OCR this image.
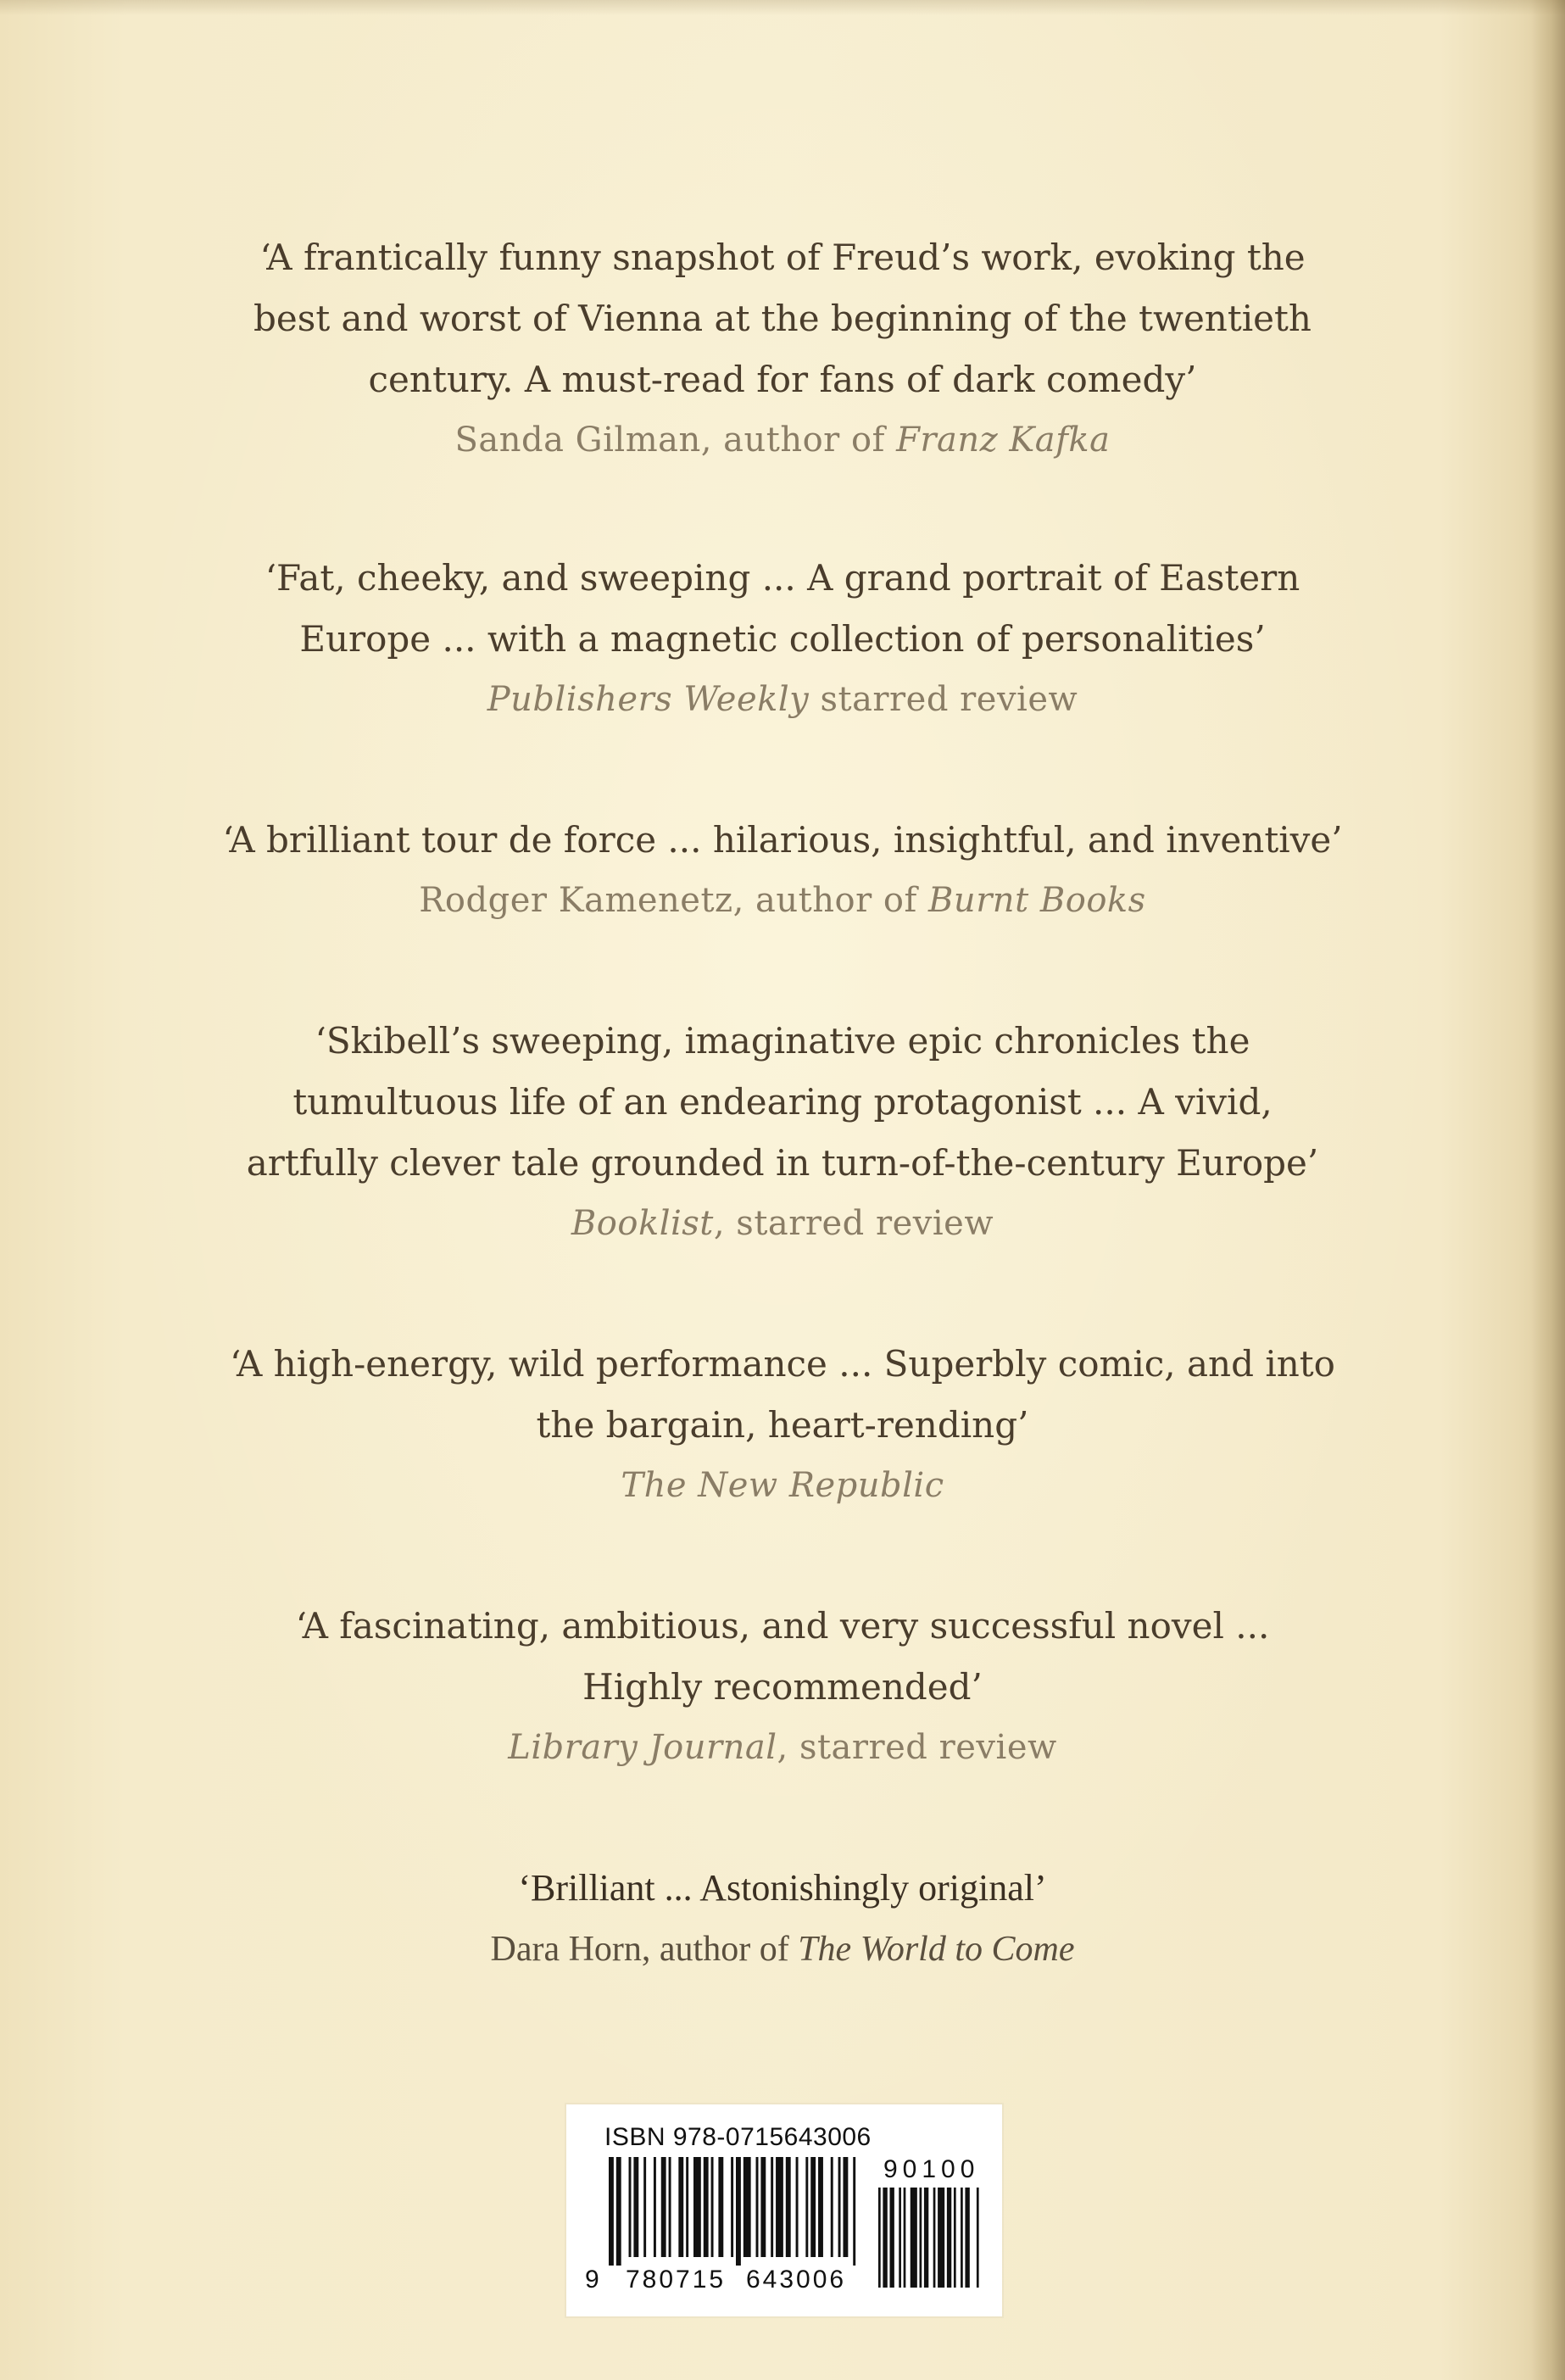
‘A frantically funny snapshot of Freud’s work, evoking the
best and worst of Vienna at the beginning of the twentieth
century. A must-read for fans of dark comedy’
Sanda Gilman, author of Franz Kafka
‘Fat, cheeky, and sweeping ... A grand portrait of Eastern
Europe ... with a magnetic collection of personalities’
Publishers Weekly starred review
‘A brilliant tour de force ... hilarious, insightful, and inventive’
Rodger Kamenetz, author of Burnt Books
‘Skibell’s sweeping, imaginative epic chronicles the
tumultuous life of an endearing protagonist ... A vivid,
artfully clever tale grounded in turn-of-the-century Europe’
Booklist, starred review
‘A high-energy, wild performance ... Superbly comic, and into
the bargain, heart-rending’
The New Republic
‘A fascinating, ambitious, and very successful novel ...
Highly recommended’
Library Journal, starred review
‘Brilliant ... Astonishingly original’
Dara Horn, author of The World to Come
ISBN 978-0715643006
90100
9 780715 643006
